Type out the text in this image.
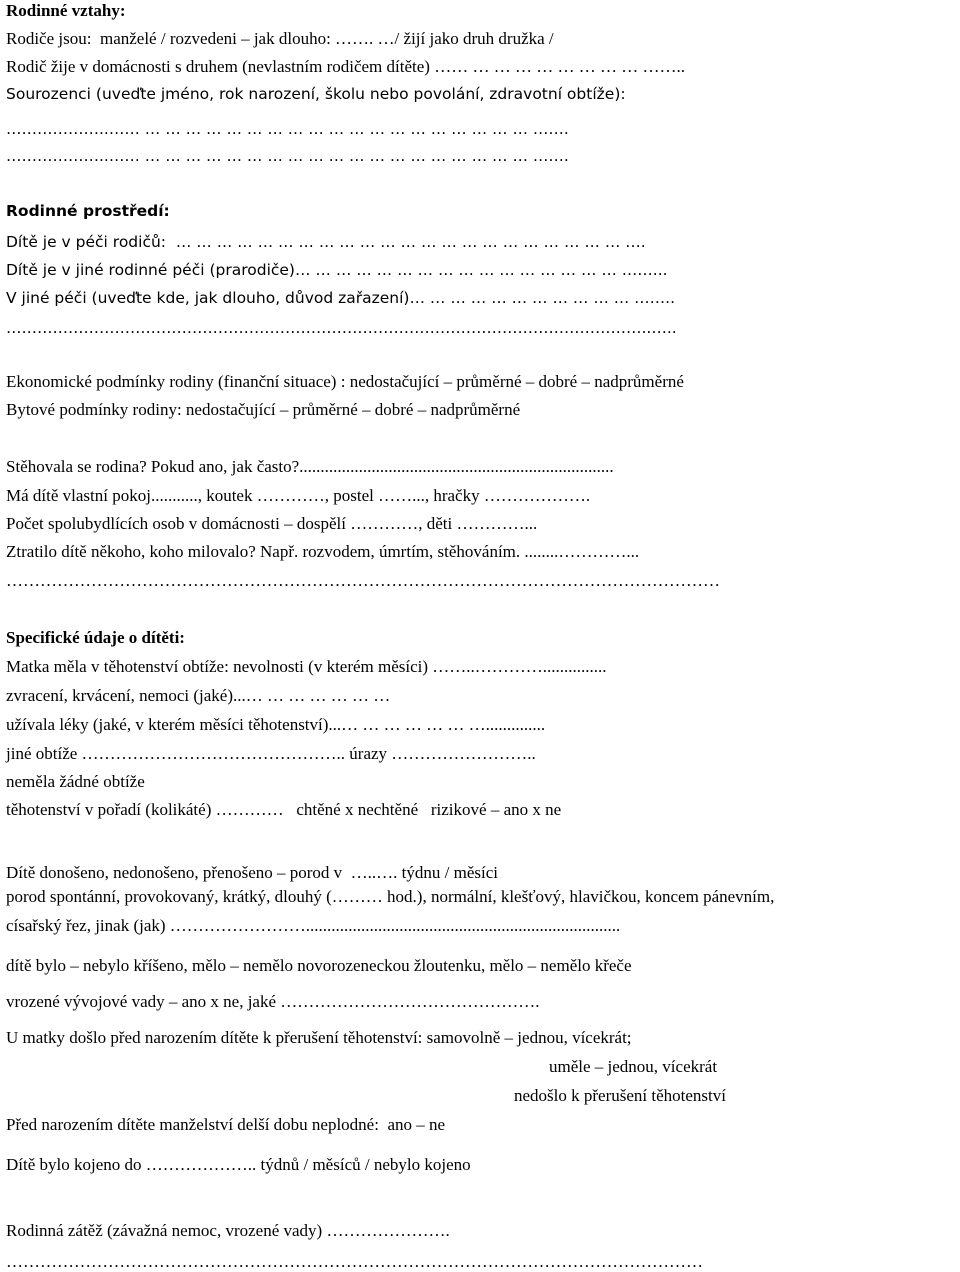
Rodinné vztahy:
Rodiče jsou:  manželé / rozvedeni – jak dlouho: ……. …/ žijí jako druh družka /
Rodič žije v domácnosti s druhem (nevlastním rodičem dítěte) …… … … … … … … … … ……..
Sourozenci (uveďte jméno, rok narození, školu nebo povolání, zdravotní obtíže):
………………..…… … … … … … … … … … … … … … … … … … … … …….
………………..…… … … … … … … … … … … … … … … … … … … … …….
Rodinné prostředí:
Dítě je v péči rodičů:  … … … … … … … … … … … … … … … … … … … … … … ….
Dítě je v jiné rodinné péči (prarodiče)… … … … … … … … … … … … … … … … ……...
V jiné péči (uveďte kde, jak dlouho, důvod zařazení)… … … … … … … … … … … ……..
……………………………………………………………………………………………………………..…..
Ekonomické podmínky rodiny (finanční situace) : nedostačující – průměrné – dobré – nadprůměrné
Bytové podmínky rodiny: nedostačující – průměrné – dobré – nadprůměrné
Stěhovala se rodina? Pokud ano, jak často?..........................................................................
Má dítě vlastní pokoj..........., koutek …………, postel ……..., hračky ……………….
Počet spolubydlících osob v domácnosti – dospělí …………, děti …………...
Ztratilo dítě někoho, koho milovalo? Např. rozvodem, úmrtím, stěhováním. ........…………...
………………………………………………………………………………………………………………
Specifické údaje o dítěti:
Matka měla v těhotenství obtíže: nevolnosti (v kterém měsíci) ……..…………...............
zvracení, krvácení, nemoci (jaké)...… … … … … … …
užívala léky (jaké, v kterém měsíci těhotenství)...… … … … … … …..............
jiné obtíže ……………………………………….. úrazy ……………………..
neměla žádné obtíže
těhotenství v pořadí (kolikáté) …………   chtěné x nechtěné   rizikové – ano x ne
Dítě donošeno, nedonošeno, přenošeno – porod v  …..…. týdnu / měsíci
porod spontánní, provokovaný, krátký, dlouhý (……… hod.), normální, klešťový, hlavičkou, koncem pánevním,
císařský řez, jinak (jak) ……………………..........................................................................
dítě bylo – nebylo kříšeno, mělo – nemělo novorozeneckou žloutenku, mělo – nemělo křeče
vrozené vývojové vady – ano x ne, jaké ……………………………………….
U matky došlo před narozením dítěte k přerušení těhotenství: samovolně – jednou, vícekrát;
uměle – jednou, vícekrát
nedošlo k přerušení těhotenství
Před narozením dítěte manželství delší dobu neplodné:  ano – ne
Dítě bylo kojeno do ……………….. týdnů / měsíců / nebylo kojeno
Rodinná zátěž (závažná nemoc, vrozené vady) ………………….
……………………………………………………………………………………………………………
